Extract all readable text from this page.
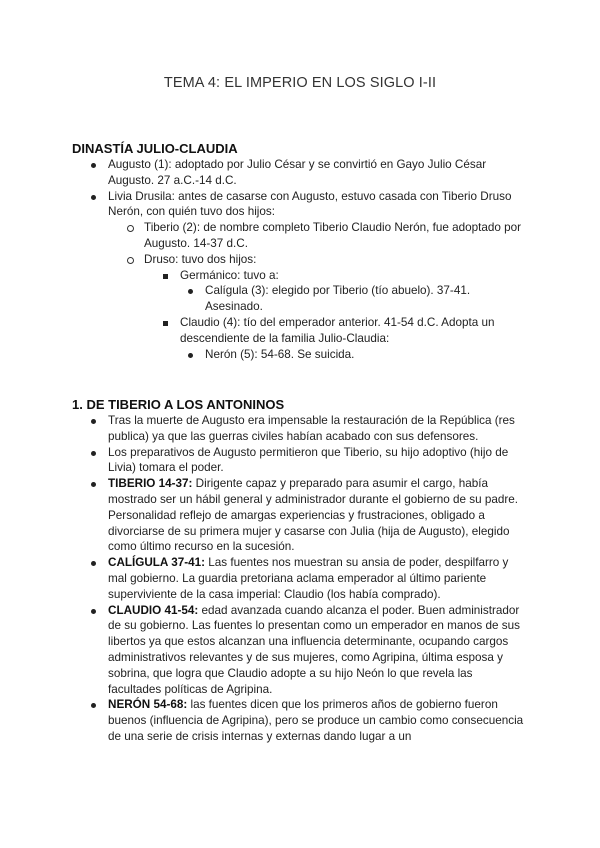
TEMA 4: EL IMPERIO EN LOS SIGLO I-II
DINASTÍA JULIO-CLAUDIA
Augusto (1): adoptado por Julio César y se convirtió en Gayo Julio César Augusto. 27 a.C.-14 d.C.
Livia Drusila: antes de casarse con Augusto, estuvo casada con Tiberio Druso Nerón, con quién tuvo dos hijos:
Tiberio (2): de nombre completo Tiberio Claudio Nerón, fue adoptado por Augusto. 14-37 d.C.
Druso: tuvo dos hijos:
Germánico: tuvo a:
Calígula (3): elegido por Tiberio (tío abuelo). 37-41. Asesinado.
Claudio (4): tío del emperador anterior. 41-54 d.C. Adopta un descendiente de la familia Julio-Claudia:
Nerón (5): 54-68. Se suicida.
1. DE TIBERIO A LOS ANTONINOS
Tras la muerte de Augusto era impensable la restauración de la República (res publica) ya que las guerras civiles habían acabado con sus defensores.
Los preparativos de Augusto permitieron que Tiberio, su hijo adoptivo (hijo de Livia) tomara el poder.
TIBERIO 14-37: Dirigente capaz y preparado para asumir el cargo, había mostrado ser un hábil general y administrador durante el gobierno de su padre. Personalidad reflejo de amargas experiencias y frustraciones, obligado a divorciarse de su primera mujer y casarse con Julia (hija de Augusto), elegido como último recurso en la sucesión.
CALÍGULA 37-41: Las fuentes nos muestran su ansia de poder, despilfarro y mal gobierno. La guardia pretoriana aclama emperador al último pariente superviviente de la casa imperial: Claudio (los había comprado).
CLAUDIO 41-54: edad avanzada cuando alcanza el poder. Buen administrador de su gobierno. Las fuentes lo presentan como un emperador en manos de sus libertos ya que estos alcanzan una influencia determinante, ocupando cargos administrativos relevantes y de sus mujeres, como Agripina, última esposa y sobrina, que logra que Claudio adopte a su hijo Neón lo que revela las facultades políticas de Agripina.
NERÓN 54-68: las fuentes dicen que los primeros años de gobierno fueron buenos (influencia de Agripina), pero se produce un cambio como consecuencia de una serie de crisis internas y externas dando lugar a un
